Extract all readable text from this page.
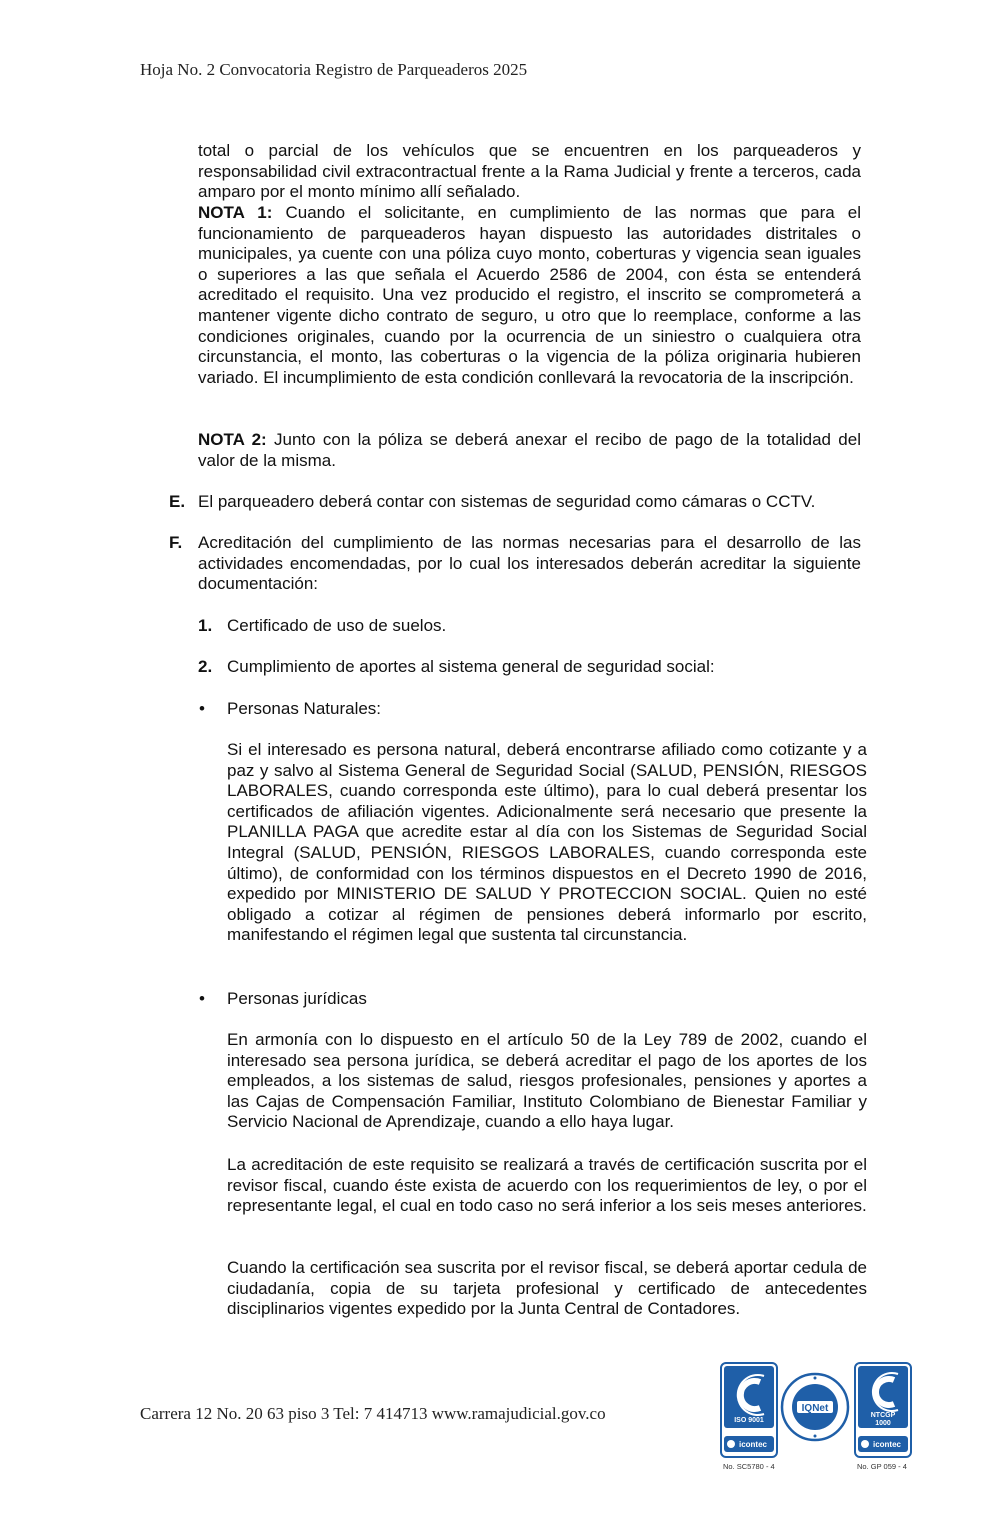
Hoja No. 2 Convocatoria Registro de Parqueaderos 2025

total o parcial de los vehículos que se encuentren en los parqueaderos y responsabilidad civil extracontractual frente a la Rama Judicial y frente a terceros, cada amparo por el monto mínimo allí señalado.

NOTA 1: Cuando el solicitante, en cumplimiento de las normas que para el funcionamiento de parqueaderos hayan dispuesto las autoridades distritales o municipales, ya cuente con una póliza cuyo monto, coberturas y vigencia sean iguales o superiores a las que señala el Acuerdo 2586 de 2004, con ésta se entenderá acreditado el requisito. Una vez producido el registro, el inscrito se comprometerá a mantener vigente dicho contrato de seguro, u otro que lo reemplace, conforme a las condiciones originales, cuando por la ocurrencia de un siniestro o cualquiera otra circunstancia, el monto, las coberturas o la vigencia de la póliza originaria hubieren variado. El incumplimiento de esta condición conllevará la revocatoria de la inscripción.

NOTA 2: Junto con la póliza se deberá anexar el recibo de pago de la totalidad del valor de la misma.

E. El parqueadero deberá contar con sistemas de seguridad como cámaras o CCTV.

F. Acreditación del cumplimiento de las normas necesarias para el desarrollo de las actividades encomendadas, por lo cual los interesados deberán acreditar la siguiente documentación:

1. Certificado de uso de suelos.

2. Cumplimiento de aportes al sistema general de seguridad social:

• Personas Naturales:

Si el interesado es persona natural, deberá encontrarse afiliado como cotizante y a paz y salvo al Sistema General de Seguridad Social (SALUD, PENSIÓN, RIESGOS LABORALES, cuando corresponda este último), para lo cual deberá presentar los certificados de afiliación vigentes. Adicionalmente será necesario que presente la PLANILLA PAGA que acredite estar al día con los Sistemas de Seguridad Social Integral (SALUD, PENSIÓN, RIESGOS LABORALES, cuando corresponda este último), de conformidad con los términos dispuestos en el Decreto 1990 de 2016, expedido por MINISTERIO DE SALUD Y PROTECCION SOCIAL. Quien no esté obligado a cotizar al régimen de pensiones deberá informarlo por escrito, manifestando el régimen legal que sustenta tal circunstancia.

• Personas jurídicas

En armonía con lo dispuesto en el artículo 50 de la Ley 789 de 2002, cuando el interesado sea persona jurídica, se deberá acreditar el pago de los aportes de los empleados, a los sistemas de salud, riesgos profesionales, pensiones y aportes a las Cajas de Compensación Familiar, Instituto Colombiano de Bienestar Familiar y Servicio Nacional de Aprendizaje, cuando a ello haya lugar.

La acreditación de este requisito se realizará a través de certificación suscrita por el revisor fiscal, cuando éste exista de acuerdo con los requerimientos de ley, o por el representante legal, el cual en todo caso no será inferior a los seis meses anteriores.

Cuando la certificación sea suscrita por el revisor fiscal, se deberá aportar cedula de ciudadanía, copia de su tarjeta profesional y certificado de antecedentes disciplinarios vigentes expedido por la Junta Central de Contadores.

Carrera 12 No. 20 63 piso 3 Tel: 7 414713 www.ramajudicial.gov.co	ISO 9001
icontec
No. SC5780 - 4
IQNet
NTCGP
1000
icontec
No. GP 059 - 4
